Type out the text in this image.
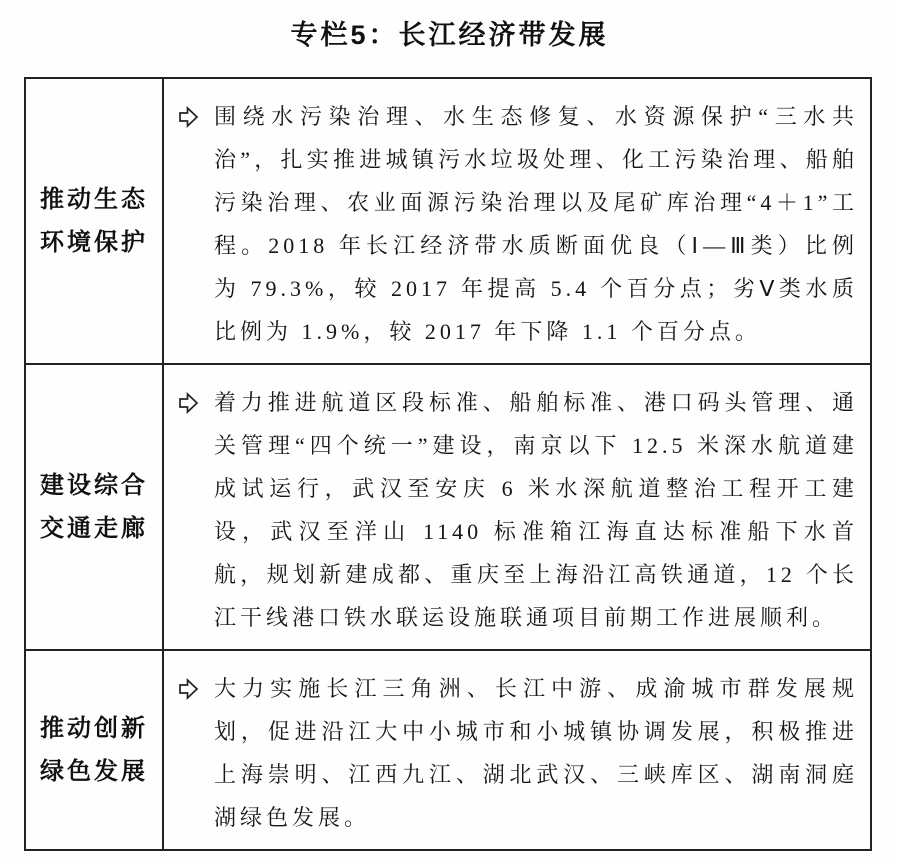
专栏5：长江经济带发展
推动生态
环境保护

围绕水污染治理、水生态修复、水资源保护“三水共治”，扎实推进城镇污水垃圾处理、化工污染治理、船舶污染治理、农业面源污染治理以及尾矿库治理“4＋1”工程。2018 年长江经济带水质断面优良（Ⅰ—Ⅲ类）比例为 79.3%，较 2017 年提高 5.4 个百分点；劣Ⅴ类水质比例为 1.9%，较 2017 年下降 1.1 个百分点。

建设综合
交通走廊

着力推进航道区段标准、船舶标准、港口码头管理、通关管理“四个统一”建设，南京以下 12.5 米深水航道建成试运行，武汉至安庆 6 米水深航道整治工程开工建设，武汉至洋山 1140 标准箱江海直达标准船下水首航，规划新建成都、重庆至上海沿江高铁通道，12 个长江干线港口铁水联运设施联通项目前期工作进展顺利。

推动创新
绿色发展

大力实施长江三角洲、长江中游、成渝城市群发展规划，促进沿江大中小城市和小城镇协调发展，积极推进上海崇明、江西九江、湖北武汉、三峡库区、湖南洞庭湖绿色发展。
